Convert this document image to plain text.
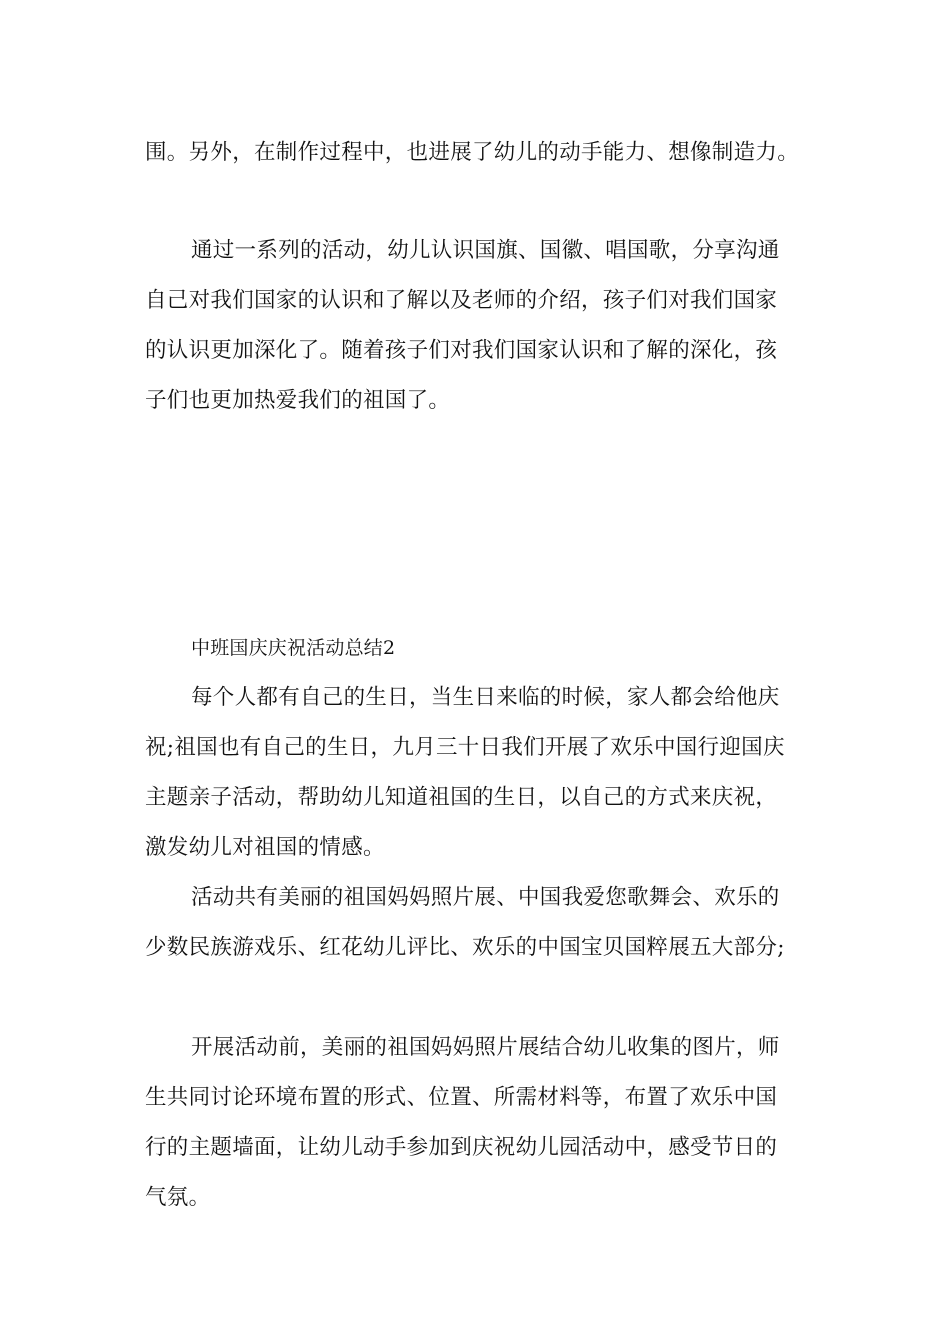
围。另外，在制作过程中，也进展了幼儿的动手能力、想像制造力。
通过一系列的活动，幼儿认识国旗、国徽、唱国歌，分享沟通
自己对我们国家的认识和了解以及老师的介绍，孩子们对我们国家
的认识更加深化了。随着孩子们对我们国家认识和了解的深化，孩
子们也更加热爱我们的祖国了。
中班国庆庆祝活动总结2
每个人都有自己的生日，当生日来临的时候，家人都会给他庆
祝;祖国也有自己的生日，九月三十日我们开展了欢乐中国行迎国庆
主题亲子活动，帮助幼儿知道祖国的生日，以自己的方式来庆祝，
激发幼儿对祖国的情感。
活动共有美丽的祖国妈妈照片展、中国我爱您歌舞会、欢乐的
少数民族游戏乐、红花幼儿评比、欢乐的中国宝贝国粹展五大部分;
开展活动前，美丽的祖国妈妈照片展结合幼儿收集的图片，师
生共同讨论环境布置的形式、位置、所需材料等，布置了欢乐中国
行的主题墙面，让幼儿动手参加到庆祝幼儿园活动中，感受节日的
气氛。
